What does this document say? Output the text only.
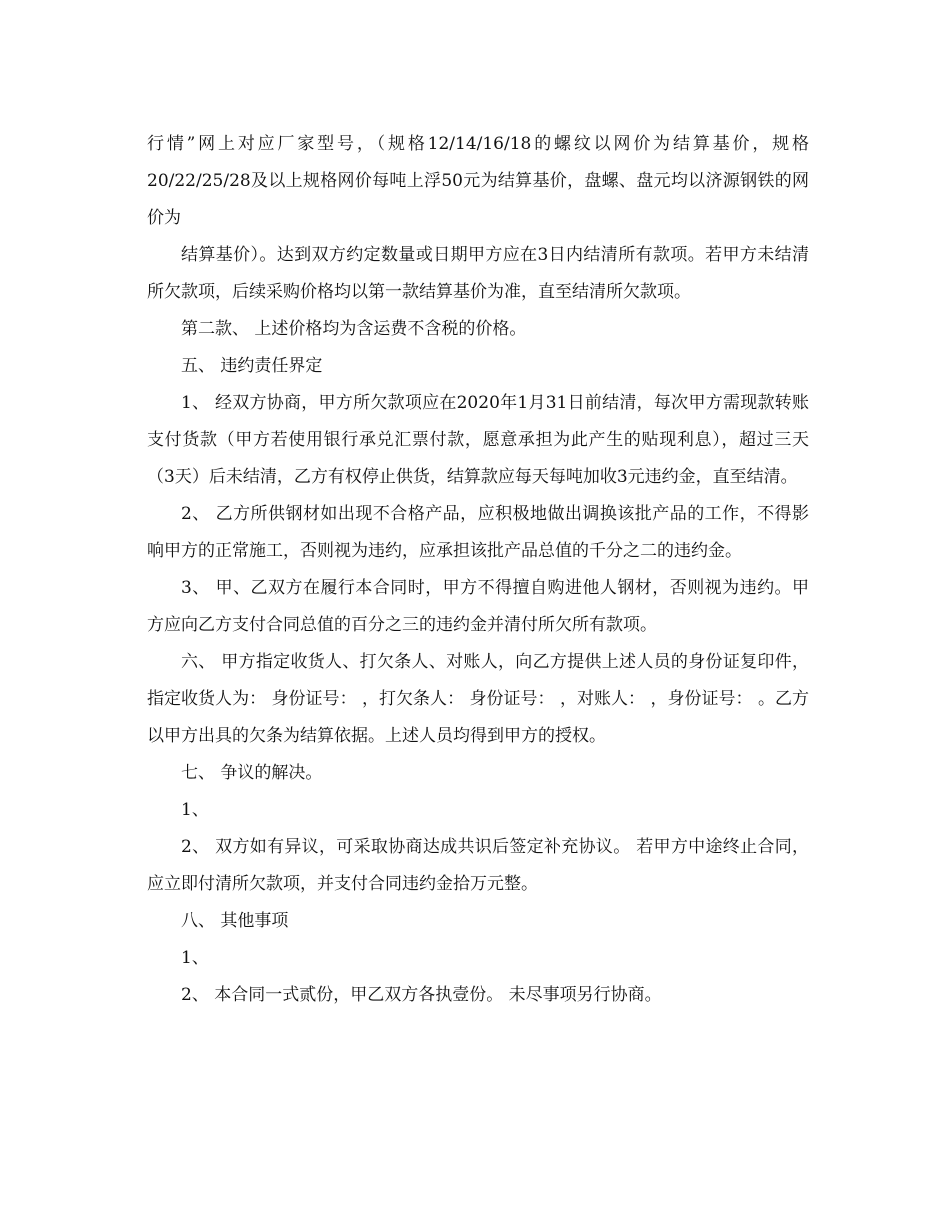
行情”网上对应厂家型号，（规格12/14/16/18的螺纹以网价为结算基价，规格20/22/25/28及以上规格网价每吨上浮50元为结算基价，盘螺、盘元均以济源钢铁的网价为

结算基价）。达到双方约定数量或日期甲方应在3日内结清所有款项。若甲方未结清所欠款项，后续采购价格均以第一款结算基价为准，直至结清所欠款项。

第二款、 上述价格均为含运费不含税的价格。

五、 违约责任界定

1、 经双方协商，甲方所欠款项应在2020年1月31日前结清，每次甲方需现款转账支付货款（甲方若使用银行承兑汇票付款，愿意承担为此产生的贴现利息），超过三天（3天）后未结清，乙方有权停止供货，结算款应每天每吨加收3元违约金，直至结清。

2、 乙方所供钢材如出现不合格产品，应积极地做出调换该批产品的工作，不得影响甲方的正常施工，否则视为违约，应承担该批产品总值的千分之二的违约金。

3、 甲、乙双方在履行本合同时，甲方不得擅自购进他人钢材，否则视为违约。甲方应向乙方支付合同总值的百分之三的违约金并清付所欠所有款项。

六、 甲方指定收货人、打欠条人、对账人，向乙方提供上述人员的身份证复印件，指定收货人为： 身份证号： ，打欠条人： 身份证号： ，对账人： ，身份证号： 。乙方以甲方出具的欠条为结算依据。上述人员均得到甲方的授权。

七、 争议的解决。

1、

2、 双方如有异议，可采取协商达成共识后签定补充协议。 若甲方中途终止合同，应立即付清所欠款项，并支付合同违约金拾万元整。

八、 其他事项

1、

2、 本合同一式贰份，甲乙双方各执壹份。 未尽事项另行协商。
